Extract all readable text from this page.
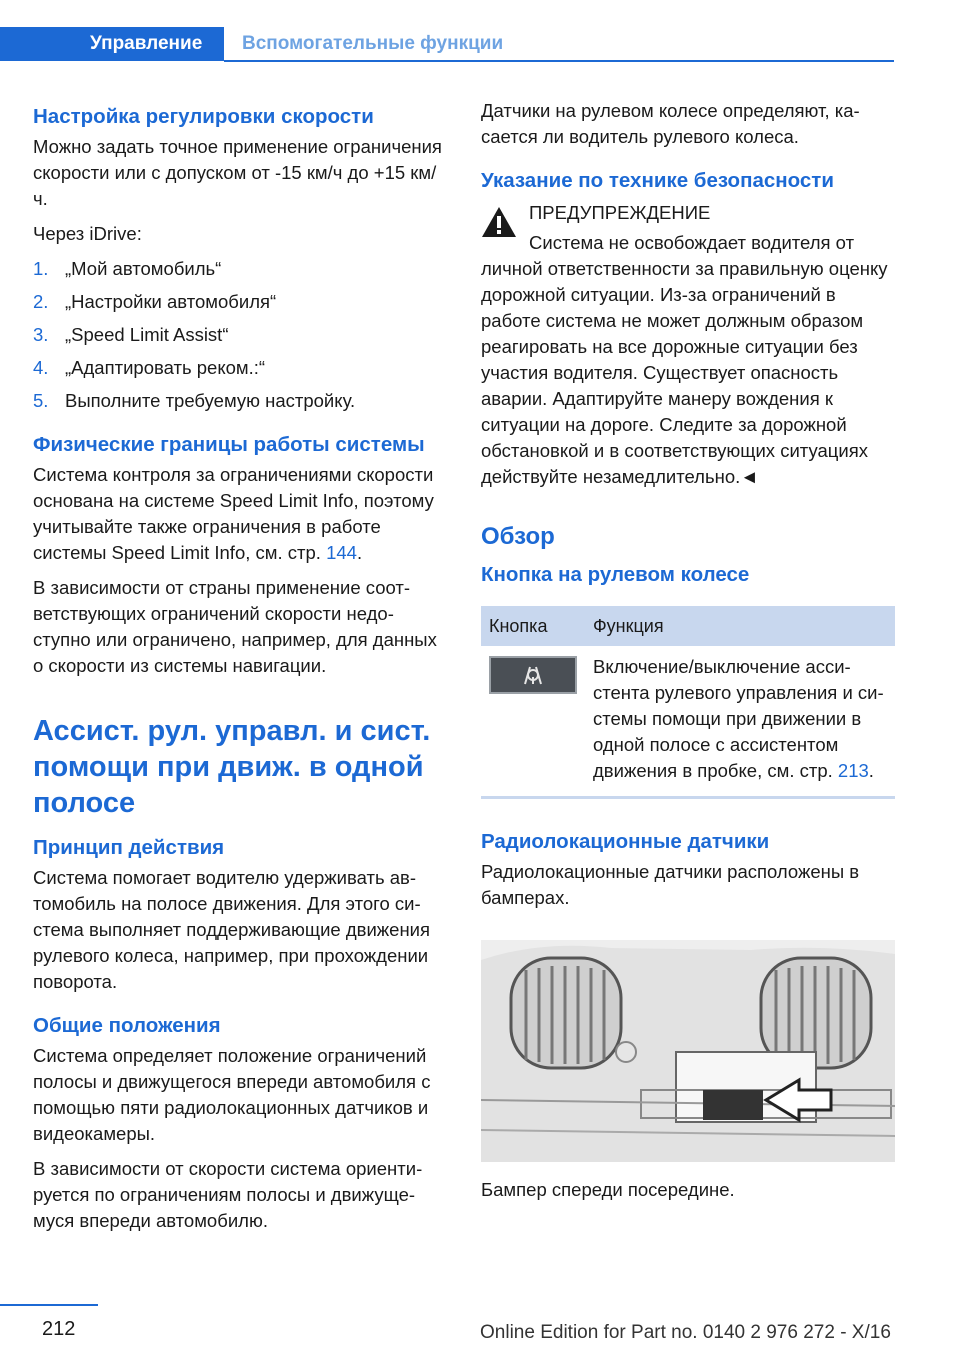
Управление	Вспомогательные функции
Настройка регулировки скорости

Можно задать точное применение ограничения скорости или с допуском от -15 км/ч до +15 км/ч.

Через iDrive:

1. „Мой автомобиль“
2. „Настройки автомобиля“
3. „Speed Limit Assist“
4. „Адаптировать реком.:“
5. Выполните требуемую настройку.
Физические границы работы системы

Система контроля за ограничениями скорости основана на системе Speed Limit Info, поэтому учитывайте также ограничения в работе системы Speed Limit Info, см. стр. 144.

В зависимости от страны применение соответствующих ограничений скорости недоступно или ограничено, например, для данных о скорости из системы навигации.

Ассист. рул. управл. и сист. помощи при движ. в одной полосе
Принцип действия

Система помогает водителю удерживать автомобиль на полосе движения. Для этого система выполняет поддерживающие движения рулевого колеса, например, при прохождении поворота.

Общие положения

Система определяет положение ограничений полосы и движущегося впереди автомобиля с помощью пяти радиолокационных датчиков и видеокамеры.

В зависимости от скорости система ориентируется по ограничениям полосы и движущемуся впереди автомобилю.

Датчики на рулевом колесе определяют, касается ли водитель рулевого колеса.

Указание по технике безопасности
ПРЕДУПРЕЖДЕНИЕ
Система не освобождает водителя от личной ответственности за правильную оценку дорожной ситуации. Из-за ограничений в работе система не может должным образом реагировать на все дорожные ситуации без участия водителя. Существует опасность аварии. Адаптируйте манеру вождения к ситуации на дороге. Следите за дорожной обстановкой и в соответствующих ситуациях действуйте незамедлительно.◄
Обзор
Кнопка на рулевом колесе
Кнопка	Функция

	Включение/выключение ассистента рулевого управления и системы помощи при движении в одной полосе с ассистентом движения в пробке, см. стр. 213.
Радиолокационные датчики

Радиолокационные датчики расположены в бамперах.

Бампер спереди посередине.

212	Online Edition for Part no. 0140 2 976 272 - X/16
